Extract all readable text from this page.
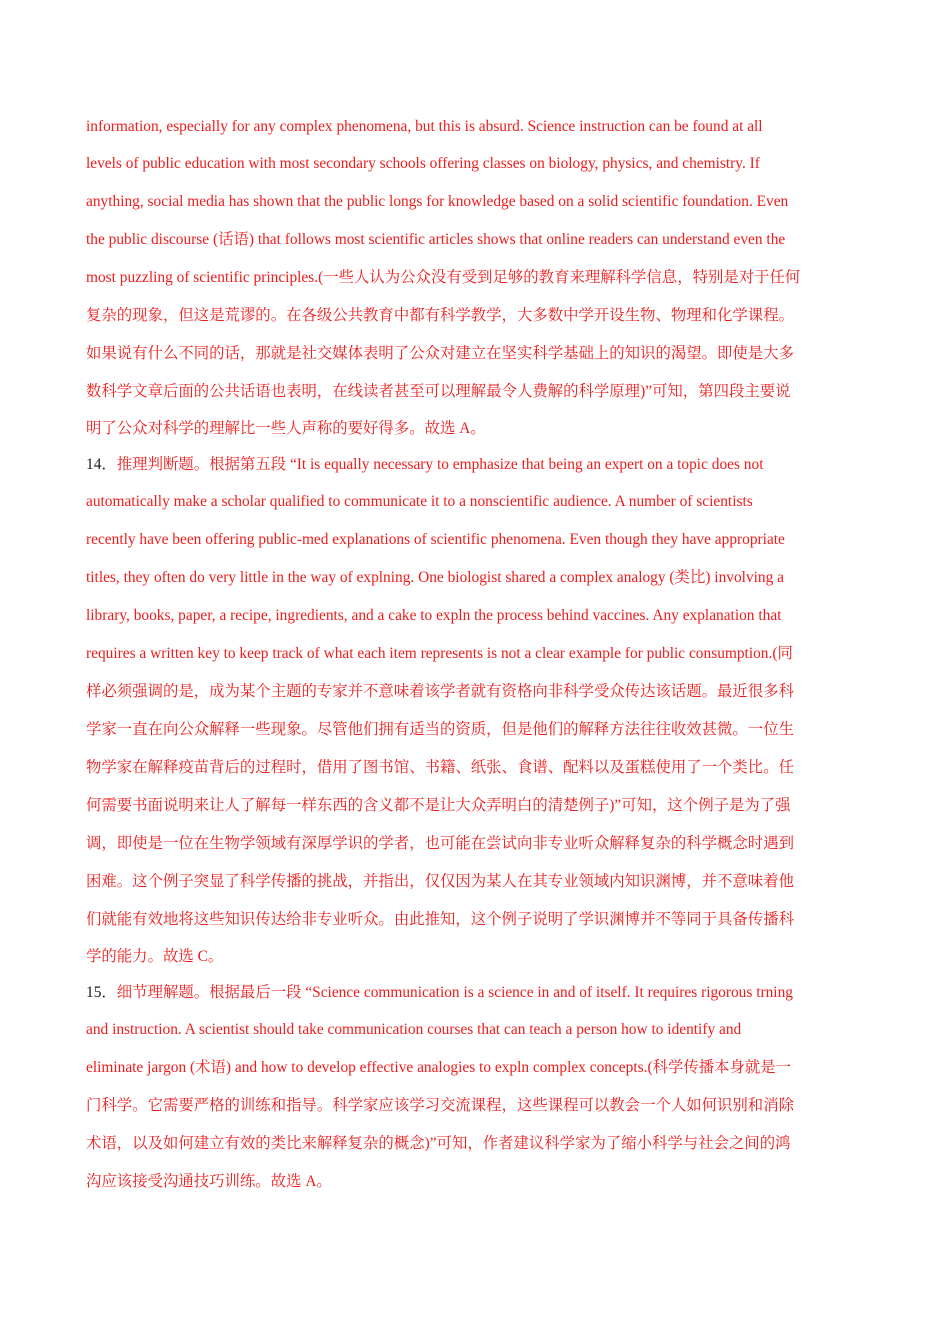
information, especially for any complex phenomena, but this is absurd. Science instruction can be found at all
levels of public education with most secondary schools offering classes on biology, physics, and chemistry. If
anything, social media has shown that the public longs for knowledge based on a solid scientific foundation. Even
the public discourse (话语) that follows most scientific articles shows that online readers can understand even the
most puzzling of scientific principles.(一些人认为公众没有受到足够的教育来理解科学信息，特别是对于任何
复杂的现象，但这是荒谬的。在各级公共教育中都有科学教学，大多数中学开设生物、物理和化学课程。
如果说有什么不同的话，那就是社交媒体表明了公众对建立在坚实科学基础上的知识的渴望。即使是大多
数科学文章后面的公共话语也表明，在线读者甚至可以理解最令人费解的科学原理)”可知，第四段主要说
明了公众对科学的理解比一些人声称的要好得多。故选 A。
14．推理判断题。根据第五段 “It is equally necessary to emphasize that being an expert on a topic does not
automatically make a scholar qualified to communicate it to a nonscientific audience. A number of scientists
recently have been offering public-med explanations of scientific phenomena. Even though they have appropriate
titles, they often do very little in the way of explning. One biologist shared a complex analogy (类比) involving a
library, books, paper, a recipe, ingredients, and a cake to expln the process behind vaccines. Any explanation that
requires a written key to keep track of what each item represents is not a clear example for public consumption.(同
样必须强调的是，成为某个主题的专家并不意味着该学者就有资格向非科学受众传达该话题。最近很多科
学家一直在向公众解释一些现象。尽管他们拥有适当的资质，但是他们的解释方法往往收效甚微。一位生
物学家在解释疫苗背后的过程时，借用了图书馆、书籍、纸张、食谱、配料以及蛋糕使用了一个类比。任
何需要书面说明来让人了解每一样东西的含义都不是让大众弄明白的清楚例子)”可知，这个例子是为了强
调，即使是一位在生物学领域有深厚学识的学者，也可能在尝试向非专业听众解释复杂的科学概念时遇到
困难。这个例子突显了科学传播的挑战，并指出，仅仅因为某人在其专业领域内知识渊博，并不意味着他
们就能有效地将这些知识传达给非专业听众。由此推知，这个例子说明了学识渊博并不等同于具备传播科
学的能力。故选 C。
15．细节理解题。根据最后一段 “Science communication is a science in and of itself. It requires rigorous trning
and instruction. A scientist should take communication courses that can teach a person how to identify and
eliminate jargon (术语) and how to develop effective analogies to expln complex concepts.(科学传播本身就是一
门科学。它需要严格的训练和指导。科学家应该学习交流课程，这些课程可以教会一个人如何识别和消除
术语，以及如何建立有效的类比来解释复杂的概念)”可知，作者建议科学家为了缩小科学与社会之间的鸿
沟应该接受沟通技巧训练。故选 A。
